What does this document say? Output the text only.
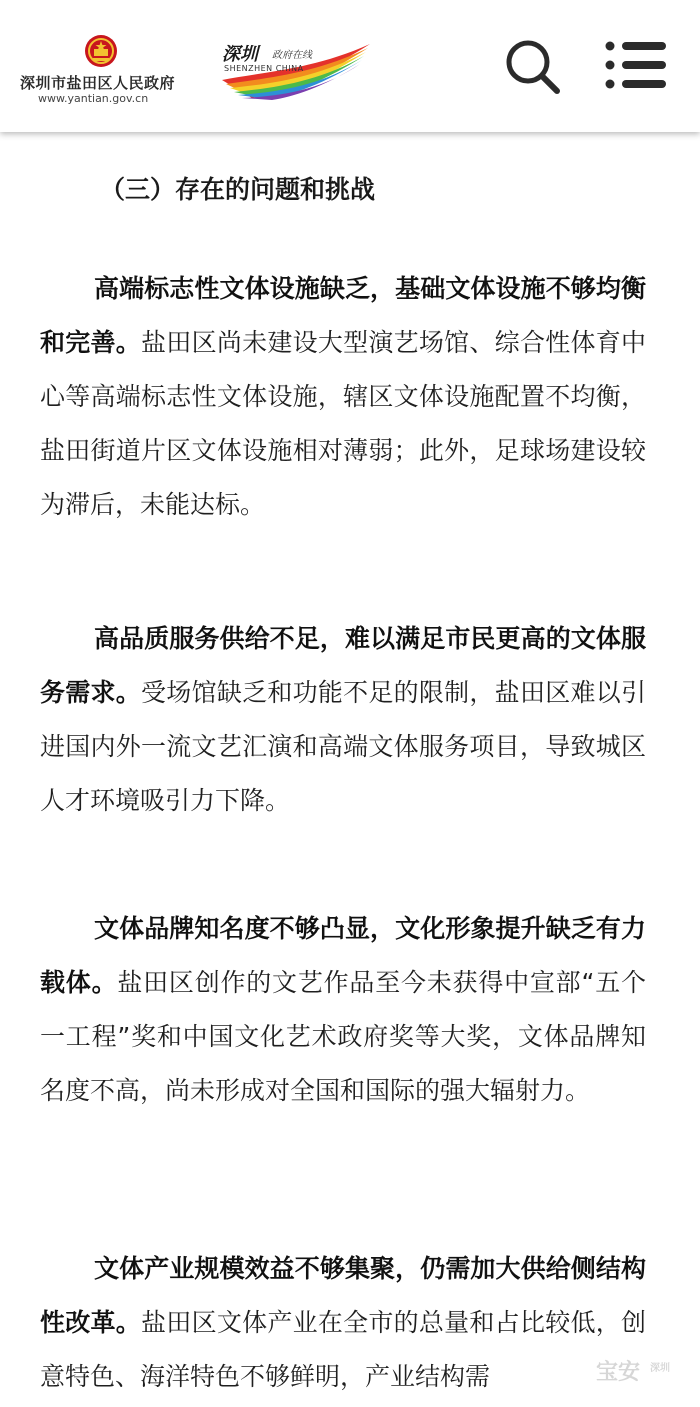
深圳市盐田区人民政府
www.yantian.gov.cn
深圳 政府在线
SHENZHEN CHINA
（三）存在的问题和挑战

高端标志性文体设施缺乏，基础文体设施不够均衡和完善。盐田区尚未建设大型演艺场馆、综合性体育中心等高端标志性文体设施，辖区文体设施配置不均衡，盐田街道片区文体设施相对薄弱；此外，足球场建设较为滞后，未能达标。

高品质服务供给不足，难以满足市民更高的文体服务需求。受场馆缺乏和功能不足的限制，盐田区难以引进国内外一流文艺汇演和高端文体服务项目，导致城区人才环境吸引力下降。

文体品牌知名度不够凸显，文化形象提升缺乏有力载体。盐田区创作的文艺作品至今未获得中宣部“五个一工程”奖和中国文化艺术政府奖等大奖，文体品牌知名度不高，尚未形成对全国和国际的强大辐射力。

文体产业规模效益不够集聚，仍需加大供给侧结构性改革。盐田区文体产业在全市的总量和占比较低，创意特色、海洋特色不够鲜明，产业结构需	宝安 深圳
